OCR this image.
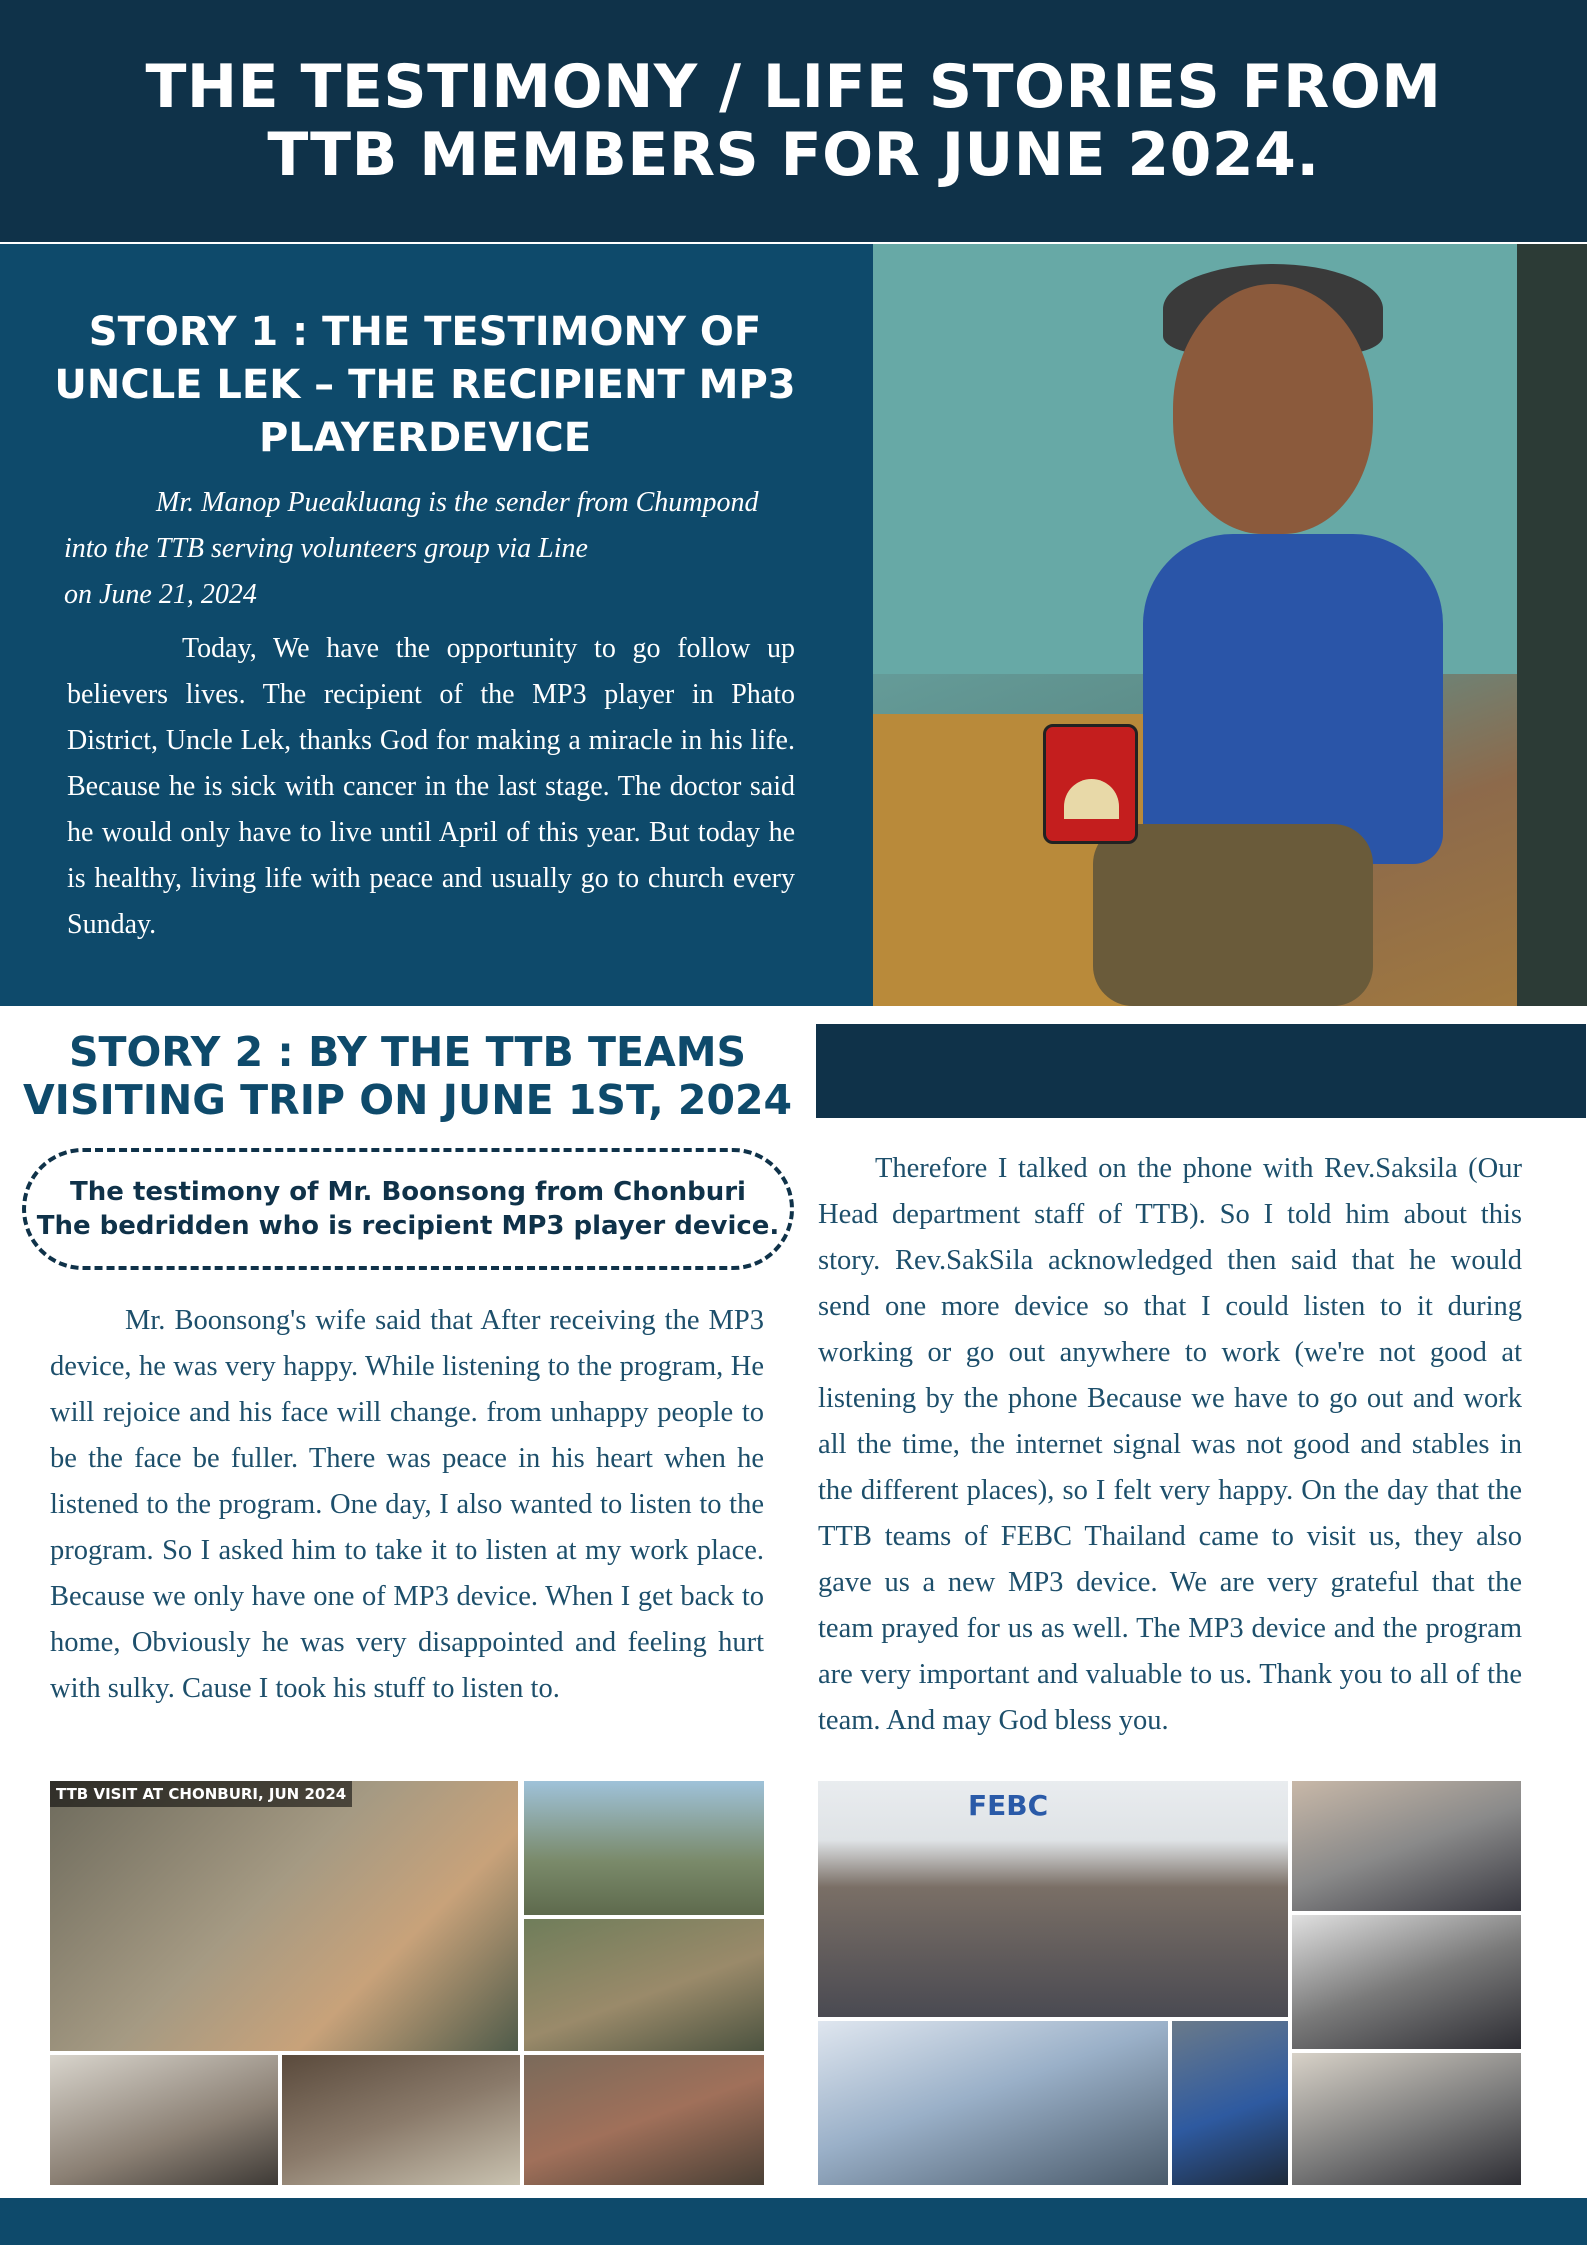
THE TESTIMONY / LIFE STORIES FROM
TTB MEMBERS FOR JUNE 2024.
STORY 1 : THE TESTIMONY OF UNCLE LEK – THE RECIPIENT MP3 PLAYERDEVICE
Mr. Manop Pueakluang is the sender from Chumpond
into the TTB serving volunteers group via Line
on June 21, 2024

Today, We have the opportunity to go follow up believers lives. The recipient of the MP3 player in Phato District, Uncle Lek, thanks God for making a miracle in his life. Because he is sick with cancer in the last stage. The doctor said he would only have to live until April of this year. But today he is healthy, living life with peace and usually go to church every Sunday.

STORY 2 : BY THE TTB TEAMS
VISITING TRIP ON JUNE 1ST, 2024
The testimony of Mr. Boonsong from Chonburi
The bedridden who is recipient MP3 player device.

Mr. Boonsong's wife said that After receiving the MP3 device, he was very happy. While listening to the program, He will rejoice and his face will change. from unhappy people to be the face be fuller. There was peace in his heart when he listened to the program. One day, I also wanted to listen to the program. So I asked him to take it to listen at my work place. Because we only have one of MP3 device. When I get back to home, Obviously he was very disappointed and feeling hurt with sulky. Cause I took his stuff to listen to.

Therefore I talked on the phone with Rev.Saksila (Our Head department staff of TTB). So I told him about this story. Rev.SakSila acknowledged then said that he would send one more device so that I could listen to it during working or go out anywhere to work (we're not good at listening by the phone Because we have to go out and work all the time, the internet signal was not good and stables in the different places), so I felt very happy. On the day that the TTB teams of FEBC Thailand came to visit us, they also gave us a new MP3 device. We are very grateful that the team prayed for us as well. The MP3 device and the program are very important and valuable to us. Thank you to all of the team. And may God bless you.

TTB VISIT AT CHONBURI, JUN 2024	FEBC
